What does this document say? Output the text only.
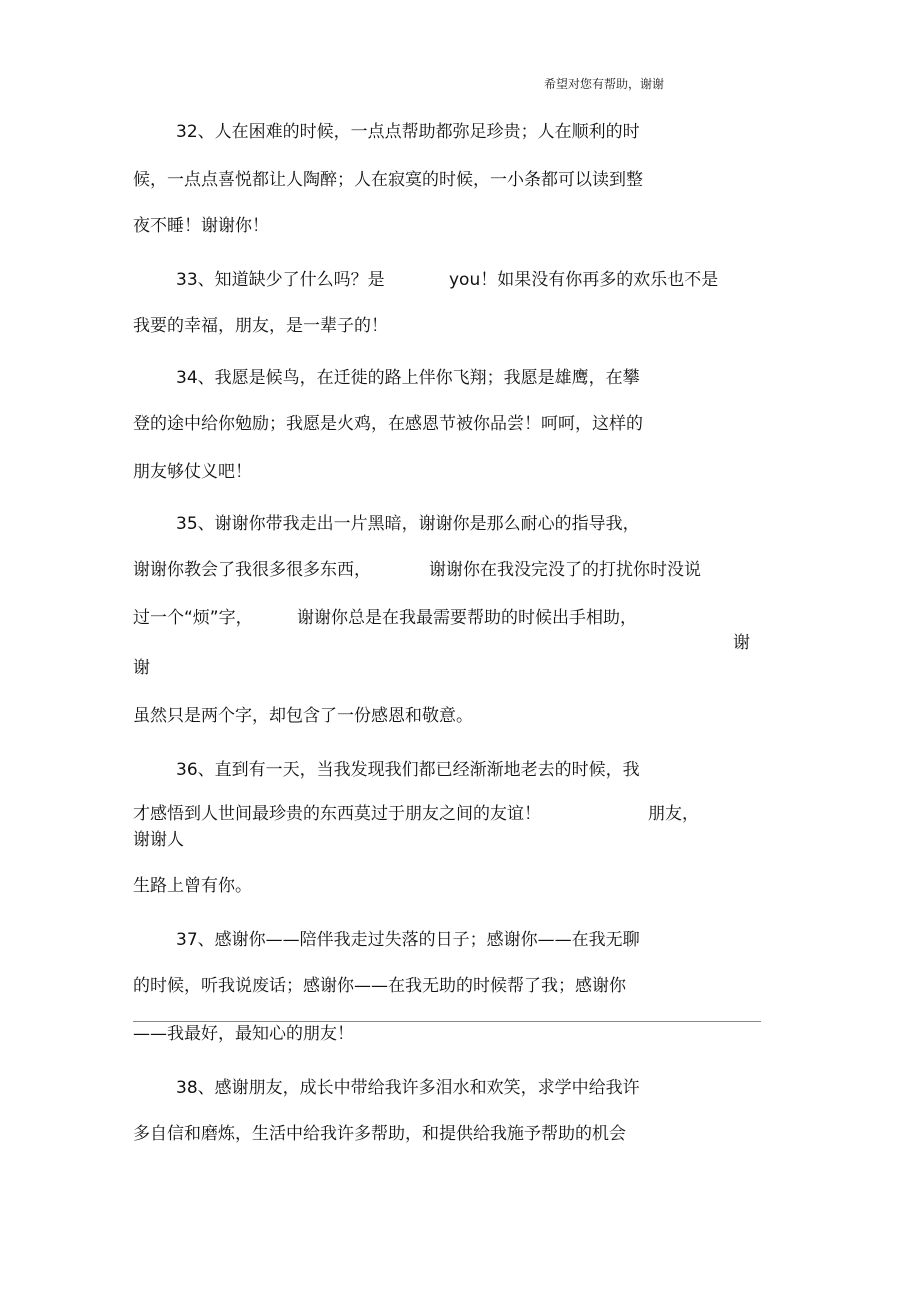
希望对您有帮助，谢谢
32、人在困难的时候，一点点帮助都弥足珍贵；人在顺利的时
候，一点点喜悦都让人陶醉；人在寂寞的时候，一小条都可以读到整
夜不睡！谢谢你！
33、知道缺少了什么吗？是	you！如果没有你再多的欢乐也不是
我要的幸福，朋友，是一辈子的！
34、我愿是候鸟，在迁徙的路上伴你飞翔；我愿是雄鹰，在攀
登的途中给你勉励；我愿是火鸡，在感恩节被你品尝！呵呵，这样的
朋友够仗义吧！
35、谢谢你带我走出一片黑暗，谢谢你是那么耐心的指导我，
谢谢你教会了我很多很多东西，	谢谢你在我没完没了的打扰你时没说
过一个“烦”字，	谢谢你总是在我最需要帮助的时候出手相助，
谢
谢
虽然只是两个字，却包含了一份感恩和敬意。
36、直到有一天，当我发现我们都已经渐渐地老去的时候，我
才感悟到人世间最珍贵的东西莫过于朋友之间的友谊！	朋友，
谢谢人
生路上曾有你。
37、感谢你——陪伴我走过失落的日子；感谢你——在我无聊
的时候，听我说废话；感谢你——在我无助的时候帮了我；感谢你
——我最好，最知心的朋友！
38、感谢朋友，成长中带给我许多泪水和欢笑，求学中给我许
多自信和磨炼，生活中给我许多帮助，和提供给我施予帮助的机会
